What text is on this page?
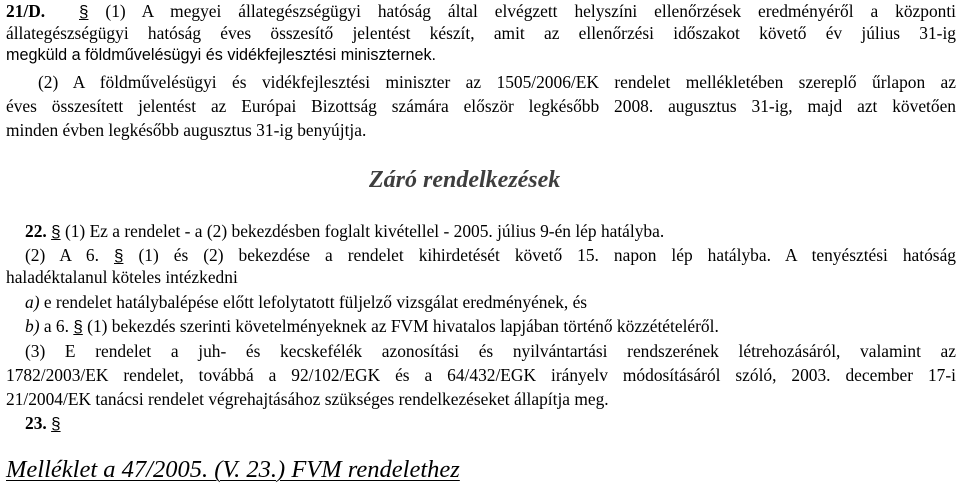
21/D. § (1) A megyei állategészségügyi hatóság által elvégzett helyszíni ellenőrzések eredményéről a központi
állategészségügyi hatóság éves összesítő jelentést készít, amit az ellenőrzési időszakot követő év július 31-ig
megküld a földművelésügyi és vidékfejlesztési miniszternek.
(2) A földművelésügyi és vidékfejlesztési miniszter az 1505/2006/EK rendelet mellékletében szereplő űrlapon az
éves összesített jelentést az Európai Bizottság számára először legkésőbb 2008. augusztus 31-ig, majd azt követően
minden évben legkésőbb augusztus 31-ig benyújtja.
Záró rendelkezések
22. § (1) Ez a rendelet - a (2) bekezdésben foglalt kivétellel - 2005. július 9-én lép hatályba.
(2) A 6. § (1) és (2) bekezdése a rendelet kihirdetését követő 15. napon lép hatályba. A tenyésztési hatóság
haladéktalanul köteles intézkedni
a) e rendelet hatálybalépése előtt lefolytatott füljelző vizsgálat eredményének, és
b) a 6. § (1) bekezdés szerinti követelményeknek az FVM hivatalos lapjában történő közzétételéről.
(3) E rendelet a juh- és kecskefélék azonosítási és nyilvántartási rendszerének létrehozásáról, valamint az
1782/2003/EK rendelet, továbbá a 92/102/EGK és a 64/432/EGK irányelv módosításáról szóló, 2003. december 17-i
21/2004/EK tanácsi rendelet végrehajtásához szükséges rendelkezéseket állapítja meg.
23. §
Melléklet a 47/2005. (V. 23.) FVM rendelethez
